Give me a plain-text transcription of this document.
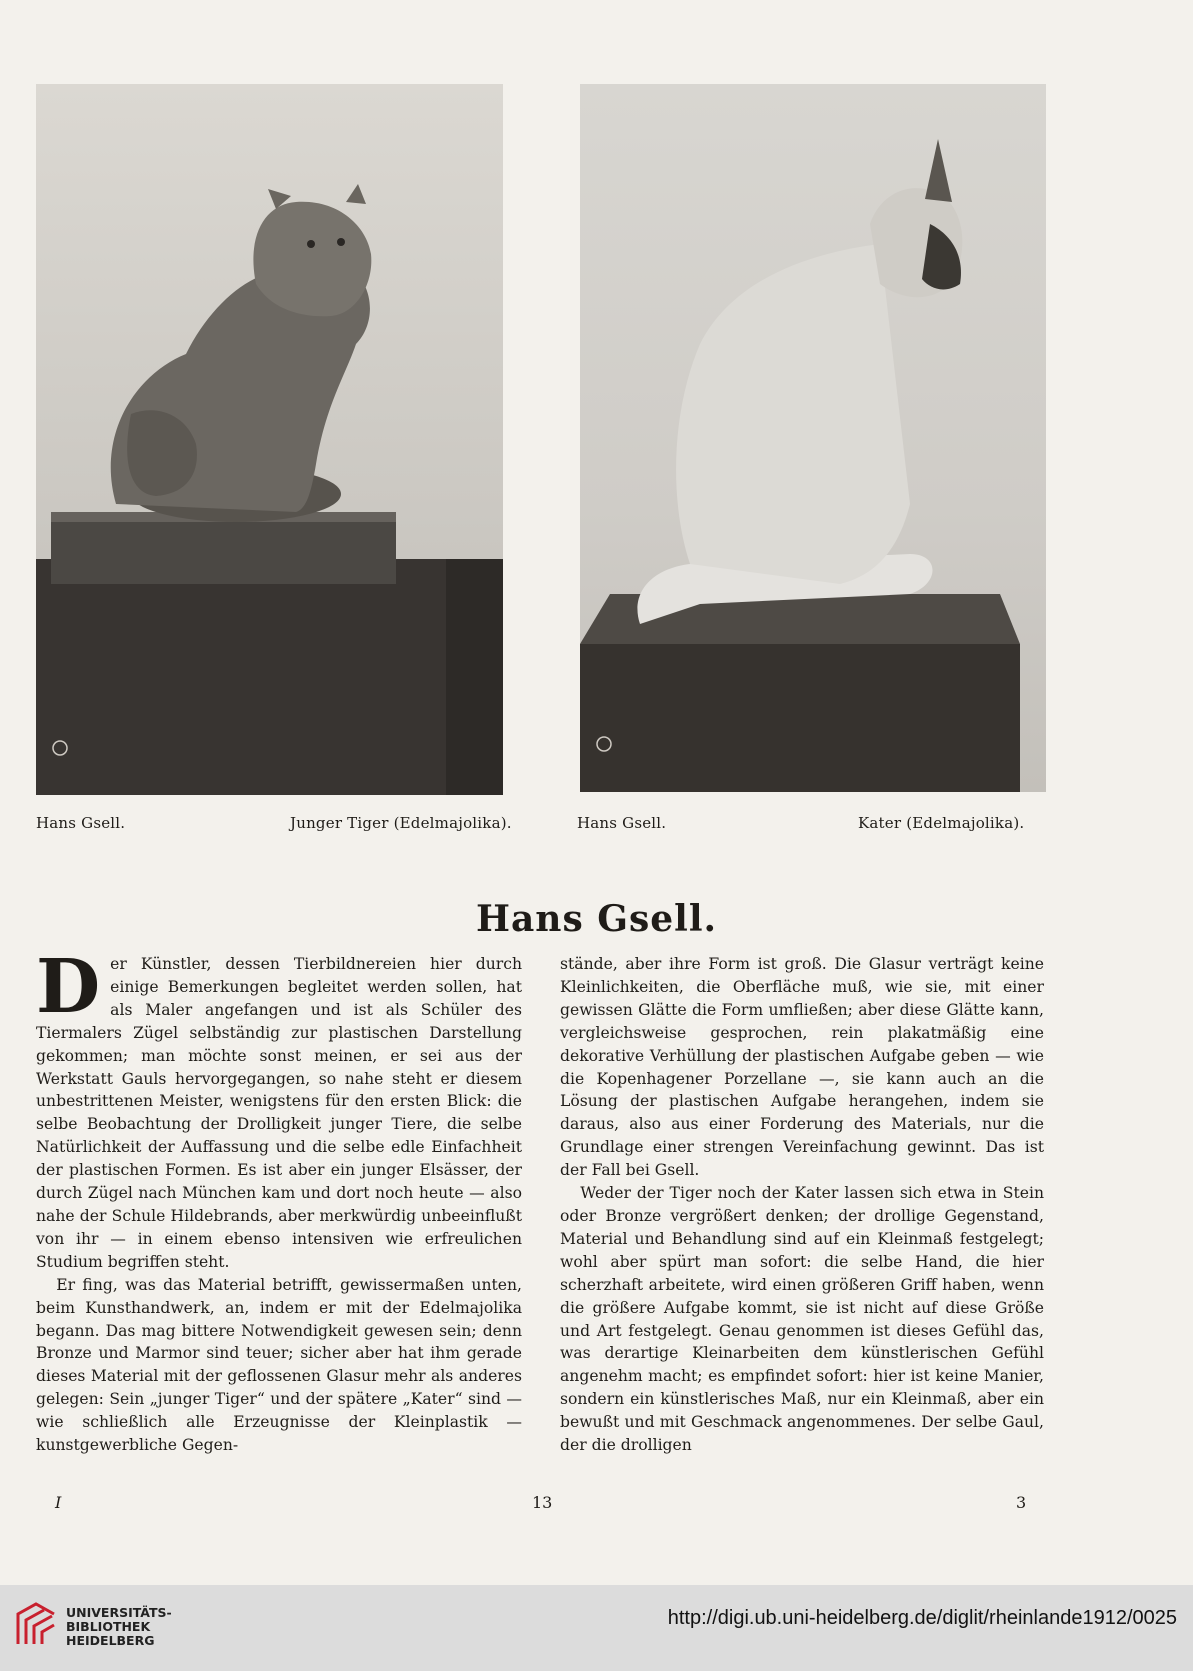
Hans Gsell.	Junger Tiger (Edelmajolika).	Hans Gsell.	Kater (Edelmajolika).
Hans Gsell.

Der Künstler, dessen Tierbildnereien hier durch einige Bemerkungen begleitet werden sollen, hat als Maler angefangen und ist als Schüler des Tiermalers Zügel selbständig zur plastischen Darstellung gekommen; man möchte sonst meinen, er sei aus der Werkstatt Gauls hervorgegangen, so nahe steht er diesem unbestrittenen Meister, wenigstens für den ersten Blick: die selbe Beobachtung der Drolligkeit junger Tiere, die selbe Natürlichkeit der Auffassung und die selbe edle Einfachheit der plastischen Formen. Es ist aber ein junger Elsässer, der durch Zügel nach München kam und dort noch heute — also nahe der Schule Hildebrands, aber merkwürdig unbeeinflußt von ihr — in einem ebenso intensiven wie erfreulichen Studium begriffen steht.

Er fing, was das Material betrifft, gewissermaßen unten, beim Kunsthandwerk, an, indem er mit der Edelmajolika begann. Das mag bittere Notwendigkeit gewesen sein; denn Bronze und Marmor sind teuer; sicher aber hat ihm gerade dieses Material mit der geflossenen Glasur mehr als anderes gelegen: Sein „junger Tiger“ und der spätere „Kater“ sind — wie schließlich alle Erzeugnisse der Kleinplastik — kunstgewerbliche Gegen-

stände, aber ihre Form ist groß. Die Glasur verträgt keine Kleinlichkeiten, die Oberfläche muß, wie sie, mit einer gewissen Glätte die Form umfließen; aber diese Glätte kann, vergleichsweise gesprochen, rein plakatmäßig eine dekorative Verhüllung der plastischen Aufgabe geben — wie die Kopenhagener Porzellane —, sie kann auch an die Lösung der plastischen Aufgabe herangehen, indem sie daraus, also aus einer Forderung des Materials, nur die Grundlage einer strengen Vereinfachung gewinnt. Das ist der Fall bei Gsell.

Weder der Tiger noch der Kater lassen sich etwa in Stein oder Bronze vergrößert denken; der drollige Gegenstand, Material und Behandlung sind auf ein Kleinmaß festgelegt; wohl aber spürt man sofort: die selbe Hand, die hier scherzhaft arbeitete, wird einen größeren Griff haben, wenn die größere Aufgabe kommt, sie ist nicht auf diese Größe und Art festgelegt. Genau genommen ist dieses Gefühl das, was derartige Kleinarbeiten dem künstlerischen Gefühl angenehm macht; es empfindet sofort: hier ist keine Manier, sondern ein künstlerisches Maß, nur ein Kleinmaß, aber ein bewußt und mit Geschmack angenommenes. Der selbe Gaul, der die drolligen

I	13	3
UNIVERSITÄTS-
BIBLIOTHEK
HEIDELBERG
http://digi.ub.uni-heidelberg.de/diglit/rheinlande1912/0025
